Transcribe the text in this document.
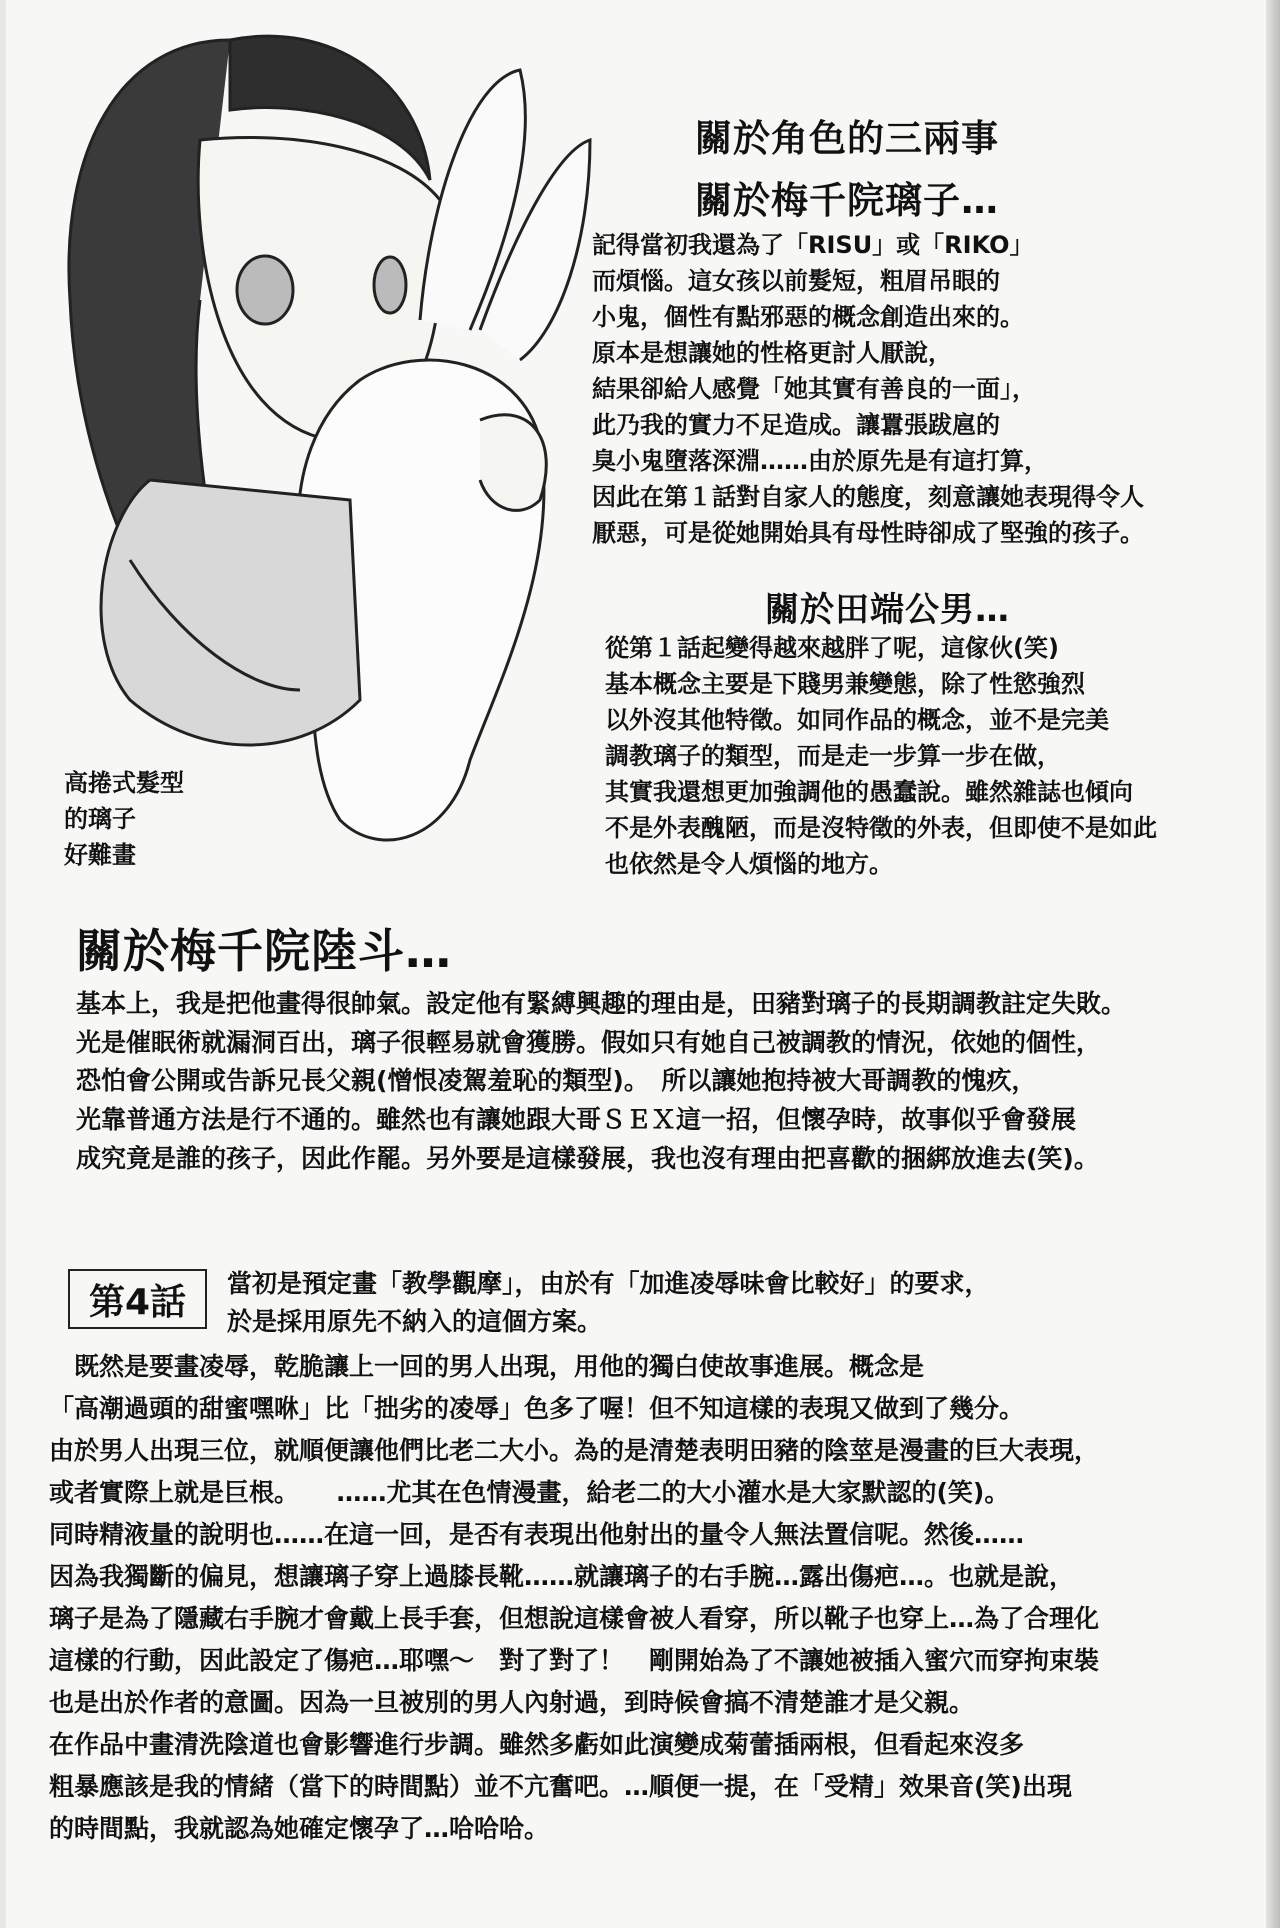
關於角色的三兩事
關於梅千院璃子…
記得當初我還為了「RISU」或「RIKO」
而煩惱。這女孩以前髮短，粗眉吊眼的
小鬼，個性有點邪惡的概念創造出來的。
原本是想讓她的性格更討人厭說，
結果卻給人感覺「她其實有善良的一面」，
此乃我的實力不足造成。讓囂張跋扈的
臭小鬼墮落深淵……由於原先是有這打算，
因此在第１話對自家人的態度，刻意讓她表現得令人
厭惡，可是從她開始具有母性時卻成了堅強的孩子。
關於田端公男…
從第１話起變得越來越胖了呢，這傢伙(笑)
基本概念主要是下賤男兼變態，除了性慾強烈
以外沒其他特徵。如同作品的概念，並不是完美
調教璃子的類型，而是走一步算一步在做，
其實我還想更加強調他的愚蠢說。雖然雜誌也傾向
不是外表醜陋，而是沒特徵的外表，但即使不是如此
也依然是令人煩惱的地方。
高捲式髮型
的璃子
好難畫
關於梅千院陸斗…
基本上，我是把他畫得很帥氣。設定他有緊縛興趣的理由是，田豬對璃子的長期調教註定失敗。
光是催眠術就漏洞百出，璃子很輕易就會獲勝。假如只有她自己被調教的情況，依她的個性，
恐怕會公開或告訴兄長父親(憎恨凌駕羞恥的類型)。　所以讓她抱持被大哥調教的愧疚，
光靠普通方法是行不通的。雖然也有讓她跟大哥ＳＥＸ這一招，但懷孕時，故事似乎會發展
成究竟是誰的孩子，因此作罷。另外要是這樣發展，我也沒有理由把喜歡的捆綁放進去(笑)。
第4話	當初是預定畫「教學觀摩」，由於有「加進凌辱味會比較好」的要求，
於是採用原先不納入的這個方案。
　既然是要畫凌辱，乾脆讓上一回的男人出現，用他的獨白使故事進展。概念是
「高潮過頭的甜蜜嘿咻」比「拙劣的凌辱」色多了喔！但不知這樣的表現又做到了幾分。
由於男人出現三位，就順便讓他們比老二大小。為的是清楚表明田豬的陰莖是漫畫的巨大表現，
或者實際上就是巨根。　　……尤其在色情漫畫，給老二的大小灌水是大家默認的(笑)。
同時精液量的說明也……在這一回，是否有表現出他射出的量令人無法置信呢。然後……
因為我獨斷的偏見，想讓璃子穿上過膝長靴……就讓璃子的右手腕…露出傷疤…。也就是說，
璃子是為了隱藏右手腕才會戴上長手套，但想說這樣會被人看穿，所以靴子也穿上…為了合理化
這樣的行動，因此設定了傷疤…耶嘿～　對了對了！　剛開始為了不讓她被插入蜜穴而穿拘束裝
也是出於作者的意圖。因為一旦被別的男人內射過，到時候會搞不清楚誰才是父親。
在作品中畫清洗陰道也會影響進行步調。雖然多虧如此演變成菊蕾插兩根，但看起來沒多
粗暴應該是我的情緒（當下的時間點）並不亢奮吧。…順便一提，在「受精」效果音(笑)出現
的時間點，我就認為她確定懷孕了…哈哈哈。
